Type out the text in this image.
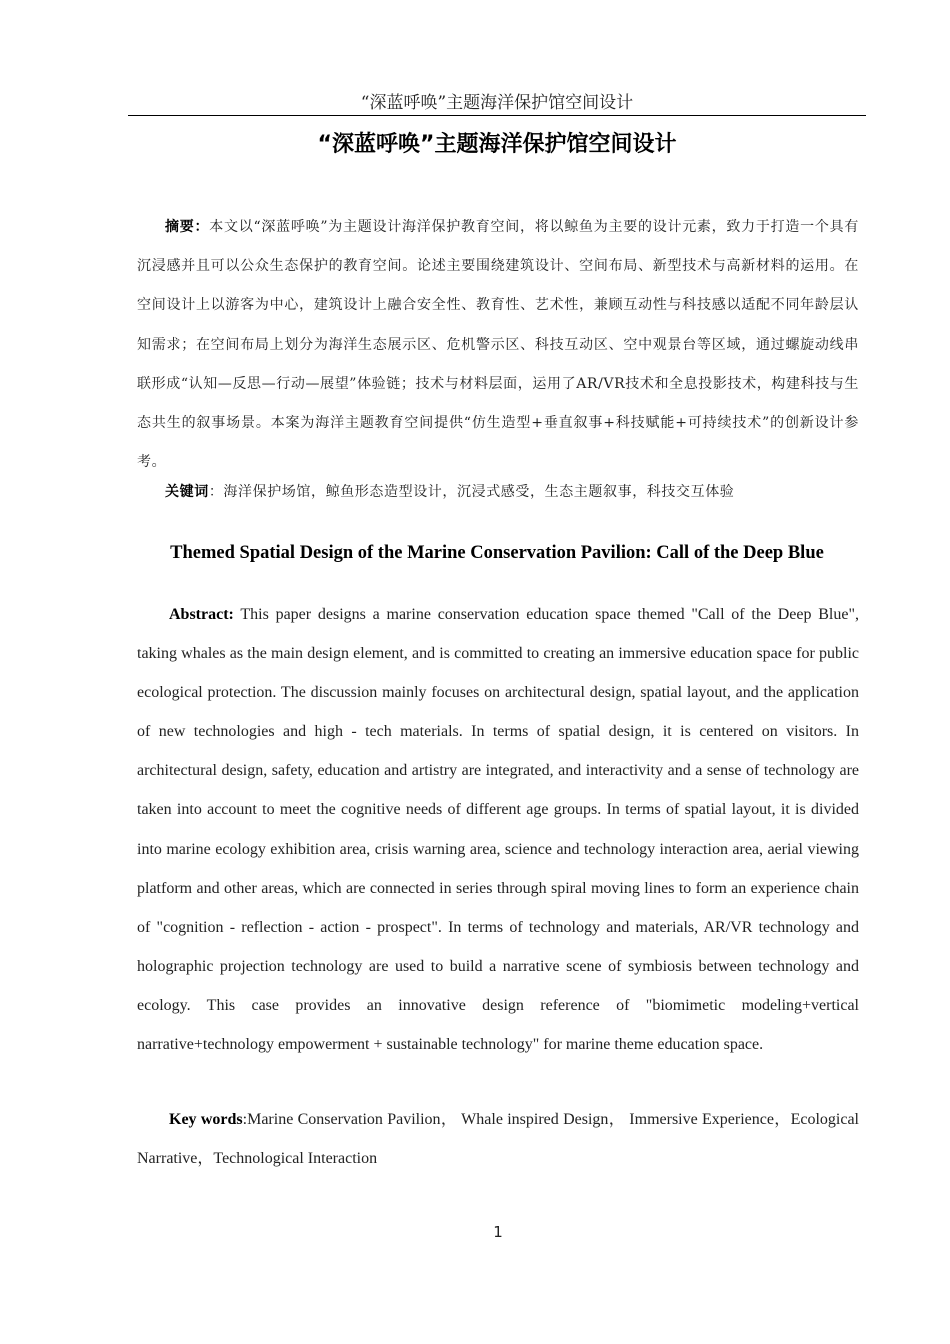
“深蓝呼唤”主题海洋保护馆空间设计
“深蓝呼唤”主题海洋保护馆空间设计

摘要：本文以“深蓝呼唤”为主题设计海洋保护教育空间，将以鲸鱼为主要的设计元素，致力于打造一个具有沉浸感并且可以公众生态保护的教育空间。论述主要围绕建筑设计、空间布局、新型技术与高新材料的运用。在空间设计上以游客为中心，建筑设计上融合安全性、教育性、艺术性，兼顾互动性与科技感以适配不同年龄层认知需求；在空间布局上划分为海洋生态展示区、危机警示区、科技互动区、空中观景台等区域，通过螺旋动线串联形成“认知—反思—行动—展望”体验链；技术与材料层面，运用了AR/VR技术和全息投影技术，构建科技与生态共生的叙事场景。本案为海洋主题教育空间提供“仿生造型+垂直叙事+科技赋能+可持续技术”的创新设计参考。

关键词：海洋保护场馆，鲸鱼形态造型设计，沉浸式感受，生态主题叙事，科技交互体验

Themed Spatial Design of the Marine Conservation Pavilion: Call of the Deep Blue

Abstract: This paper designs a marine conservation education space themed "Call of the Deep Blue", taking whales as the main design element, and is committed to creating an immersive education space for public ecological protection. The discussion mainly focuses on architectural design, spatial layout, and the application of new technologies and high - tech materials. In terms of spatial design, it is centered on visitors. In architectural design, safety, education and artistry are integrated, and interactivity and a sense of technology are taken into account to meet the cognitive needs of different age groups. In terms of spatial layout, it is divided into marine ecology exhibition area, crisis warning area, science and technology interaction area, aerial viewing platform and other areas, which are connected in series through spiral moving lines to form an experience chain of "cognition - reflection - action - prospect". In terms of technology and materials, AR/VR technology and holographic projection technology are used to build a narrative scene of symbiosis between technology and ecology. This case provides an innovative design reference of "biomimetic modeling+vertical narrative+technology empowerment + sustainable technology" for marine theme education space.

Key words:Marine Conservation Pavilion， Whale inspired Design， Immersive Experience，Ecological Narrative，Technological Interaction

1
